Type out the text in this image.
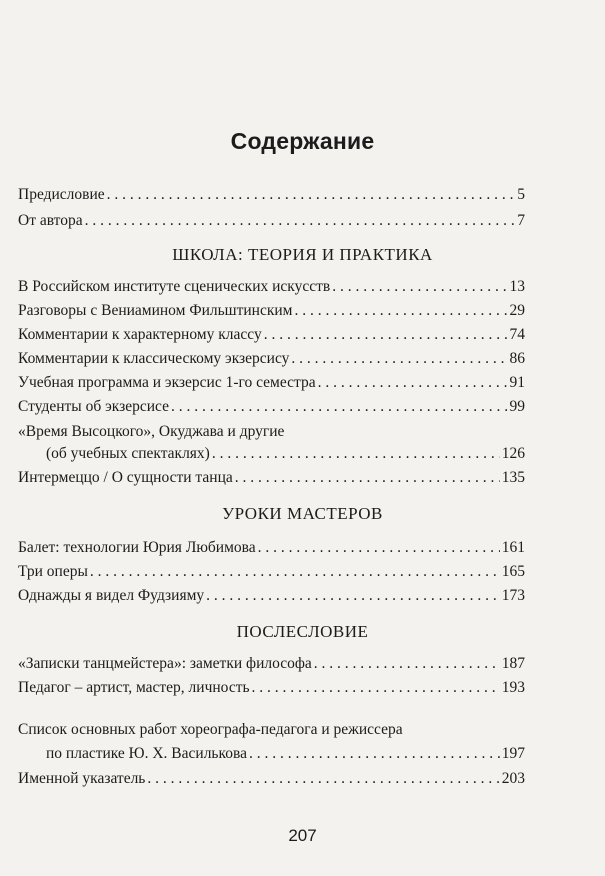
Содержание
Предисловие . . .	5
От автора . . .	7
ШКОЛА: ТЕОРИЯ И ПРАКТИКА
В Российском институте сценических искусств . . .	13
Разговоры с Вениамином Фильштинским . . .	29
Комментарии к характерному классу . . .	74
Комментарии к классическому экзерсису . . .	86
Учебная программа и экзерсис 1-го семестра . . .	91
Студенты об экзерсисе . . .	99
«Время Высоцкого», Окуджава и другие
(об учебных спектаклях) . . .	126
Интермеццо / О сущности танца . . .	135
УРОКИ МАСТЕРОВ
Балет: технологии Юрия Любимова . . .	161
Три оперы . . .	165
Однажды я видел Фудзияму . . .	173
ПОСЛЕСЛОВИЕ
«Записки танцмейстера»: заметки философа . . .	187
Педагог – артист, мастер, личность . . .	193
Список основных работ хореографа-педагога и режиссера
по пластике Ю. Х. Василькова . . .	197
Именной указатель . . .	203
207
